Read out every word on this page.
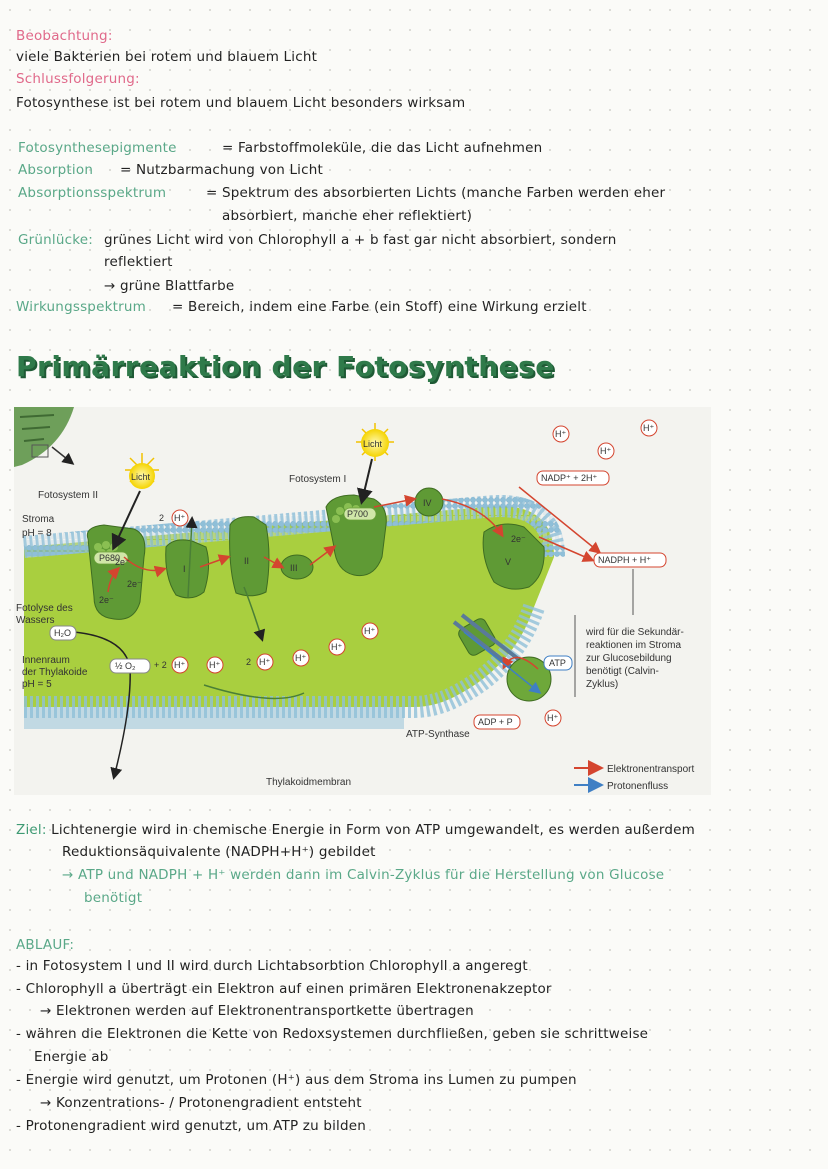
Beobachtung:
viele Bakterien bei rotem und blauem Licht
Schlussfolgerung:
Fotosynthese ist bei rotem und blauem Licht besonders wirksam
Fotosynthesepigmente	= Farbstoffmoleküle, die das Licht aufnehmen
Absorption = Nutzbarmachung von Licht
Absorptionsspektrum	= Spektrum des absorbierten Lichts (manche Farben werden eher
absorbiert, manche eher reflektiert)
Grünlücke: grünes Licht wird von Chlorophyll a + b fast gar nicht absorbiert, sondern
reflektiert
→ grüne Blattfarbe
Wirkungsspektrum = Bereich, indem eine Farbe (ein Stoff) eine Wirkung erzielt
Primärreaktion der Fotosynthese
P680
P700
Licht
Licht
H⁺
H⁺
H⁺
H⁺
H⁺	H⁺	H⁺	H⁺
H⁺
H⁺
H⁺
2
2
+ 2
2e⁻
2e⁻
2e⁻
2e⁻
I
II
III
IV
V
Fotosystem II
Fotosystem I
Stroma
pH = 8
Fotolyse des
Wassers
H₂O
Innenraum
der Thylakoide
pH = 5
½ O₂
NADP⁺ + 2H⁺
NADPH + H⁺
ATP
ADP + P
ATP-Synthase
Thylakoidmembran
wird für die Sekundär-
reaktionen im Stroma
zur Glucosebildung
benötigt (Calvin-
Zyklus)
Elektronentransport
Protonenfluss
Ziel: Lichtenergie wird in chemische Energie in Form von ATP umgewandelt, es werden außerdem
Reduktionsäquivalente (NADPH+H⁺) gebildet
→ ATP und NADPH + H⁺ werden dann im Calvin-Zyklus für die Herstellung von Glucose
benötigt
ABLAUF:
- in Fotosystem I und II wird durch Lichtabsorbtion Chlorophyll a angeregt
- Chlorophyll a überträgt ein Elektron auf einen primären Elektronenakzeptor
→ Elektronen werden auf Elektronentransportkette übertragen
- währen die Elektronen die Kette von Redoxsystemen durchfließen, geben sie schrittweise
Energie ab
- Energie wird genutzt, um Protonen (H⁺) aus dem Stroma ins Lumen zu pumpen
→ Konzentrations- / Protonengradient entsteht
- Protonengradient wird genutzt, um ATP zu bilden
